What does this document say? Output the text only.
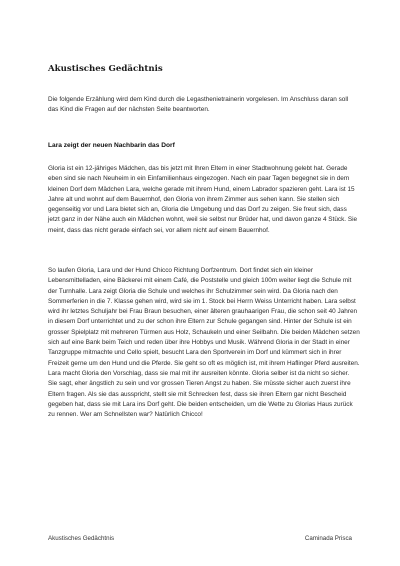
Akustisches Gedächtnis

Die folgende Erzählung wird dem Kind durch die Legasthenietrainerin vorgelesen. Im Anschluss daran soll das Kind die Fragen auf der nächsten Seite beantworten.

Lara zeigt der neuen Nachbarin das Dorf

Gloria ist ein 12-jähriges Mädchen, das bis jetzt mit Ihren Eltern in einer Stadtwohnung gelebt hat. Gerade eben sind sie nach Neuheim in ein Einfamilienhaus eingezogen. Nach ein paar Tagen begegnet sie in dem kleinen Dorf dem Mädchen Lara, welche gerade mit ihrem Hund, einem Labrador spazieren geht. Lara ist 15 Jahre alt und wohnt auf dem Bauernhof, den Gloria von ihrem Zimmer aus sehen kann. Sie stellen sich gegenseitig vor und Lara bietet sich an, Gloria die Umgebung und das Dorf zu zeigen. Sie freut sich, dass jetzt ganz in der Nähe auch ein Mädchen wohnt, weil sie selbst nur Brüder hat, und davon ganze 4 Stück. Sie meint, dass das nicht gerade einfach sei, vor allem nicht auf einem Bauernhof.

So laufen Gloria, Lara und der Hund Chicco Richtung Dorfzentrum. Dort findet sich ein kleiner Lebensmittelladen, eine Bäckerei mit einem Café, die Poststelle und gleich 100m weiter liegt die Schule mit der Turnhalle. Lara zeigt Gloria die Schule und welches ihr Schulzimmer sein wird. Da Gloria nach den Sommerferien in die 7. Klasse gehen wird, wird sie im 1. Stock bei Herrn Weiss Unterricht haben. Lara selbst wird ihr letztes Schuljahr bei Frau Braun besuchen, einer älteren grauhaarigen Frau, die schon seit 40 Jahren in diesem Dorf unterrichtet und zu der schon ihre Eltern zur Schule gegangen sind. Hinter der Schule ist ein grosser Spielplatz mit mehreren Türmen aus Holz, Schaukeln und einer Seilbahn. Die beiden Mädchen setzen sich auf eine Bank beim Teich und reden über ihre Hobbys und Musik. Während Gloria in der Stadt in einer Tanzgruppe mitmachte und Cello spielt, besucht Lara den Sportverein im Dorf und kümmert sich in ihrer Freizeit gerne um den Hund und die Pferde. Sie geht so oft es möglich ist, mit ihrem Haflinger Pferd ausreiten. Lara macht Gloria den Vorschlag, dass sie mal mit ihr ausreiten könnte. Gloria selber ist da nicht so sicher. Sie sagt, eher ängstlich zu sein und vor grossen Tieren Angst zu haben. Sie müsste sicher auch zuerst ihre Eltern fragen. Als sie das ausspricht, stellt sie mit Schrecken fest, dass sie ihren Eltern gar nicht Bescheid gegeben hat, dass sie mit Lara ins Dorf geht. Die beiden entscheiden, um die Wette zu Glorias Haus zurück zu rennen. Wer am Schnellsten war? Natürlich Chicco!

Akustisches Gedächtnis	Caminada Prisca
